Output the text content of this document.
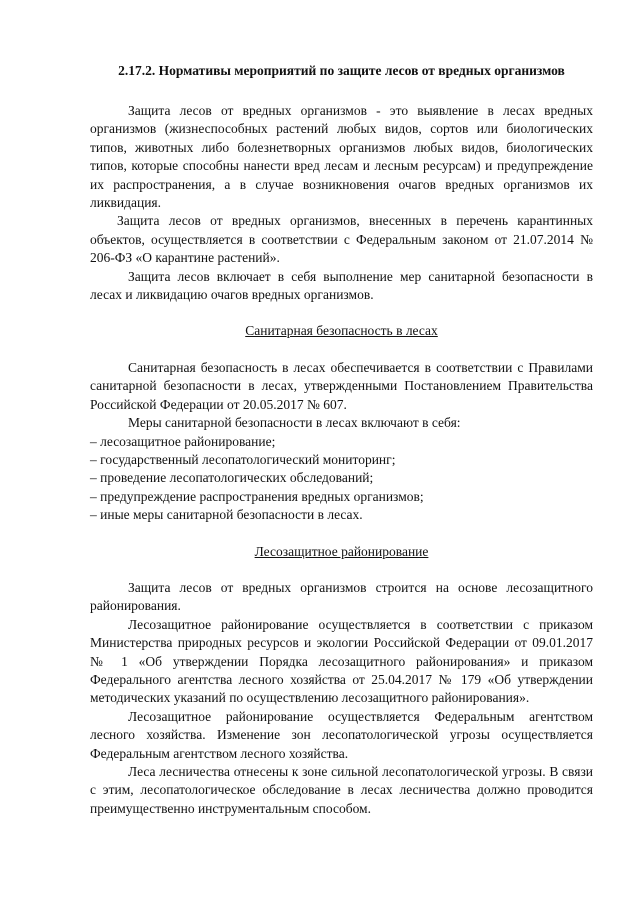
2.17.2. Нормативы мероприятий по защите лесов от вредных организмов

Защита лесов от вредных организмов - это выявление в лесах вредных организмов (жизнеспособных растений любых видов, сортов или биологических типов, животных либо болезнетворных организмов любых видов, биологических типов, которые способны нанести вред лесам и лесным ресурсам) и предупреждение их распространения, а в случае возникновения очагов вредных организмов их ликвидация.

Защита лесов от вредных организмов, внесенных в перечень карантинных объектов, осуществляется в соответствии с Федеральным законом от 21.07.2014 № 206-ФЗ «О карантине растений».

Защита лесов включает в себя выполнение мер санитарной безопасности в лесах и ликвидацию очагов вредных организмов.

Санитарная безопасность в лесах

Санитарная безопасность в лесах обеспечивается в соответствии с Правилами санитарной безопасности в лесах, утвержденными Постановлением Правительства Российской Федерации от 20.05.2017 № 607.

Меры санитарной безопасности в лесах включают в себя:

– лесозащитное районирование;
– государственный лесопатологический мониторинг;
– проведение лесопатологических обследований;
– предупреждение распространения вредных организмов;
– иные меры санитарной безопасности в лесах.
Лесозащитное районирование

Защита лесов от вредных организмов строится на основе лесозащитного районирования.

Лесозащитное районирование осуществляется в соответствии с приказом Министерства природных ресурсов и экологии Российской Федерации от 09.01.2017 № 1 «Об утверждении Порядка лесозащитного районирования» и приказом Федерального агентства лесного хозяйства от 25.04.2017 № 179 «Об утверждении методических указаний по осуществлению лесозащитного районирования».

Лесозащитное районирование осуществляется Федеральным агентством лесного хозяйства. Изменение зон лесопатологической угрозы осуществляется Федеральным агентством лесного хозяйства.

Леса лесничества отнесены к зоне сильной лесопатологической угрозы. В связи с этим, лесопатологическое обследование в лесах лесничества должно проводится преимущественно инструментальным способом.
